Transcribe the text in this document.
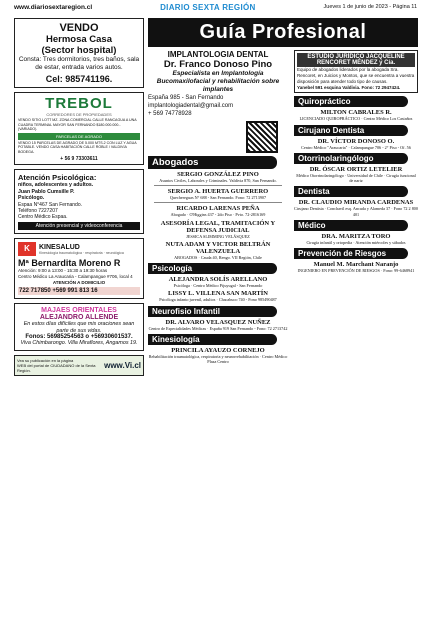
www.diariosextaregion.cl	DIARIO SEXTA REGIÓN	Jueves 1 de junio de 2023 - Página 11
VENDO
Hermosa Casa
(Sector hospital)

Consta: Tres dormitorios, tres baños, sala de estar, entrada varios autos.

Cel: 985741196.
TREBOL
CORREDORES DE PROPIEDADES

VENDO SITIO LOTT MZ. ZONA COMERCIAL CALLE RANCAGUA A UNA CUADRA TERMINAL MAYOR SAN FERNANDO $180.000.000.- (VARIADO).

PARCELAS DE AGRADO

VENDO 15 PARCELAS DE AGRADO DE 5.000 MTS.2 CON LUZ Y AGUA POTABLE. VENDO CASA HABITACIÓN CALLE ROBLE / VALDIVIA BODEGA.

+ 56 9 73303611
Atención Psicológica:

niños, adolescentes y adultos.

Juan Pablo Cumsille P.

Psicólogo.

Espaa N°467 San Fernando.

Teléfono 7227207

Centro Médico Espaa.

Atención presencial y videoconferencia
K	KINESALUD
Kinesiología traumatológica · respiratoria · neurológica
Mª Bernardita Moreno R

Atención: 9:00 a 13:00 - 15:30 a 19:30 horas

Centro Médico La Araucaria - Calampangue #706, local 4

ATENCIÓN A DOMICILIO

722 717850 +569 991 813 16
MAJAES ORIENTALES
ALEJANDRO ALLENDE

En estos días difíciles que mis oraciones sean parte de sus vidas.

Fonos: 56985254563 o +56930601537.

Viva Chimbarongo. Villa Miraflores, Angamos 19.

Vea su publicación en la página
WEB del portal de CIUDADANO de la Sexta Región.
www.Vi.cl
Guía Profesional
IMPLANTOLOGIA DENTAL
Dr. Franco Donoso Pino
Especialista en Implantología Bucomaxilofacial y rehabilitación sobre implantes
España 985 - San Fernando
implantologiadental@gmail.com
+ 569 74778928
Abogados
SERGIO GONZÁLEZ PINO
Asuntos Civiles, Laborales y Criminales. Valdivia 870, San Fernando.
SERGIO A. HUERTA GUERRERO
Quechereguas N° 688 - San Fernando. Fono: 72 2713907
RICARDO LARENAS PEÑA
Abogado · O'Higgins 437 - 2do Piso · Pvto. 72-2816169
ASESORÍA LEGAL, TRAMITACIÓN Y DEFENSA JUDICIAL
JESSICA SLIMMING VELÁSQUEZ
NUTA ADAM Y VICTOR BELTRÁN VALENZUELA
ABOGADOS · Cauda 40, Rengo. VII Región, Chile
Psicología
ALEJANDRA SOLÍS ARELLANO
Psicóloga · Centro Médico Pijuyugal - San Fernando
LISSY L. VILLENA SAN MARTÍN
Psicóloga infanto juvenil, adultos · Chacabuco 740 - Fono 985490487
Neurofisio Infantil
DR. ALVARO VELASQUEZ NUÑEZ
Centro de Especialidades Médicas · España 919 San Fernando - Fono: 72 2713742
Kinesiología
PRINCILA AYAUZO CORNEJO
Rehabilitación traumatológica, respiratoria y neurorrehabilitación · Centro Médico Plaza Centro
ESTUDIO JURÍDICO JACQUELINE RENCORET MÉNDEZ y Cía.

Equipo de abogados liderados por la abogada Sra. Rencoret, en Juicios y Montos, que se encuentra a vuestra disposición para atender todo tipo de causas.

Yanebel 591 esquina Valdivia. Fono: 72 2947424.

Quiropráctico
MILTON CABRALES R.
LICENCIADO QUIROPRÁCTICO · Centro Médico Los Castaños
Cirujano Dentista
DR. VÍCTOR DONOSO O.
Centro Médico "Araucaria" · Calampangue 706 - 2° Piso - Of. 56
Otorrinolaringólogo
DR. ÓSCAR ORTIZ LETELIER
Médico Otorrinolaringólogo · Universidad de Chile · Cirugía funcional de nariz
Dentista
DR. CLAUDIO MIRANDA CARDENAS
Cirujano Dentista · Conchavil esq. Ancuda y Alameda 37 · Fono 72 2 800 401
Médico
DRA. MARITZA TORO
Cirugía infantil y ortopedia · Atención miércoles y sábados
Prevención de Riesgos
Manuel M. Marchant Naranjo
INGENIERO EN PREVENCIÓN DE RIESGOS · Fono: 99-6468941
